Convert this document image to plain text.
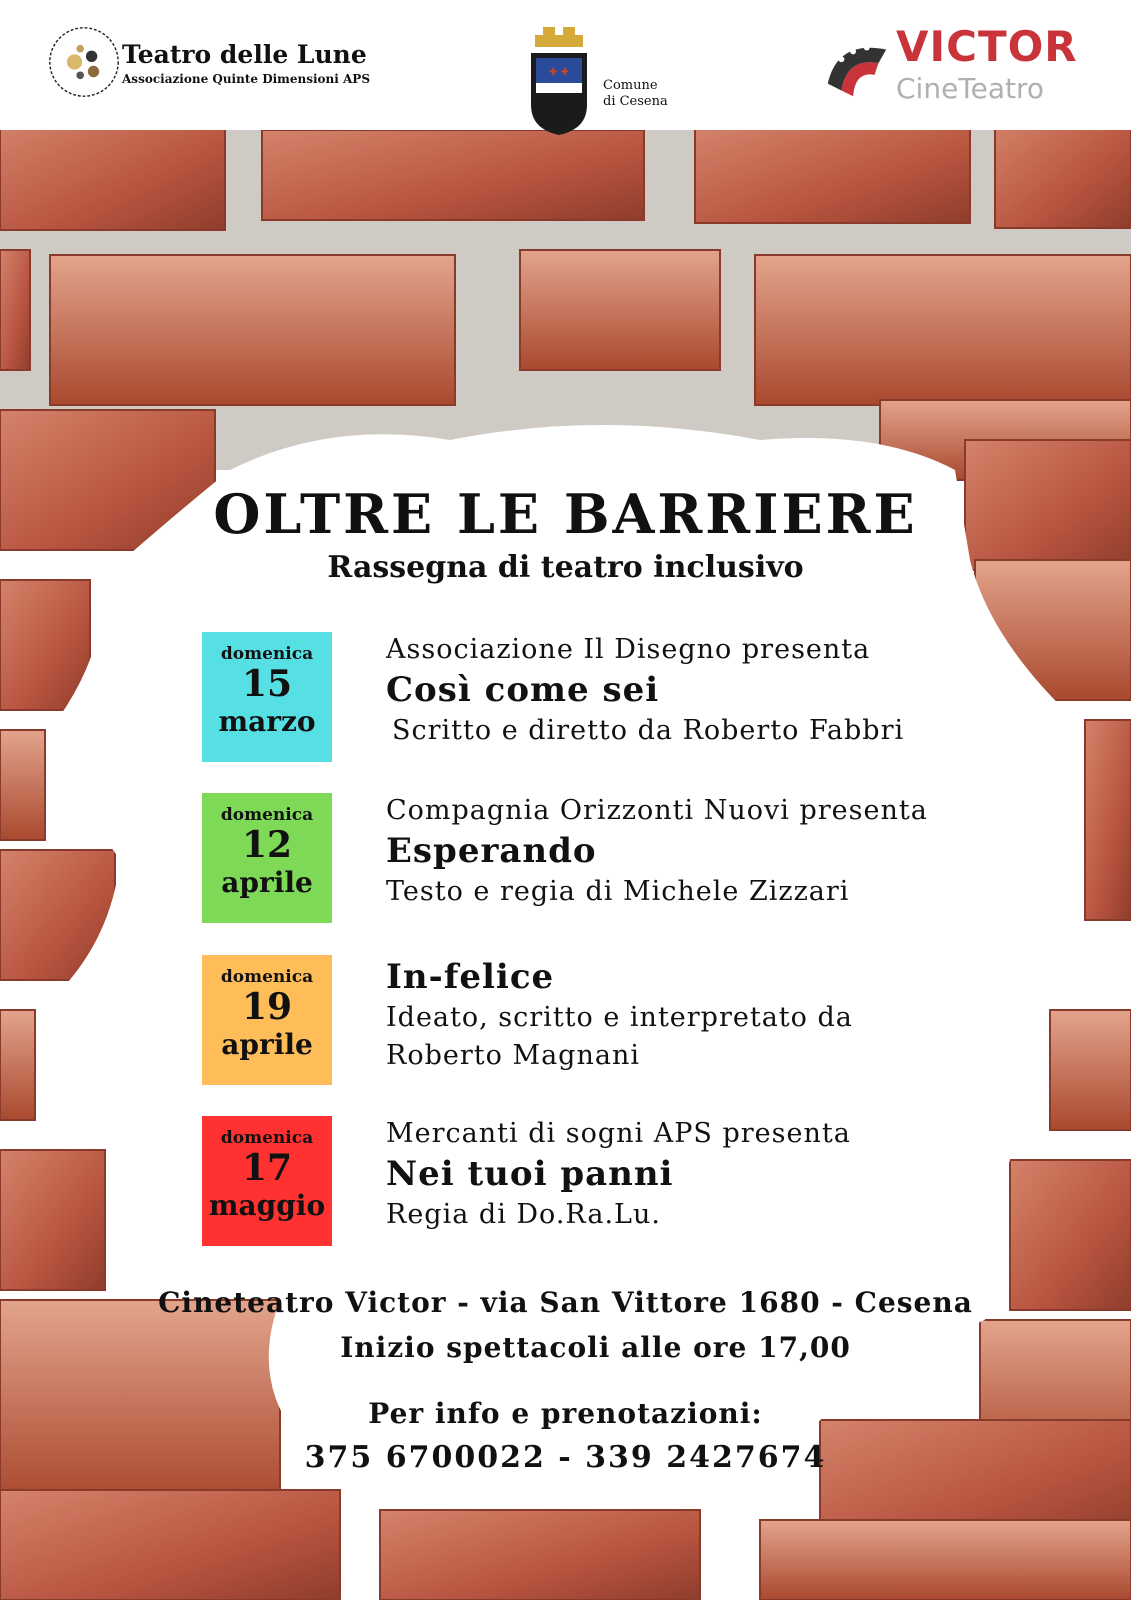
Teatro delle Lune
Associazione Quinte Dimensioni APS	✚ ✚
Comune
di Cesena
VICTOR
CineTeatro
OLTRE LE BARRIERE
Rassegna di teatro inclusivo
domenica
15
marzo
Associazione Il Disegno presenta
Così come sei
Scritto e diretto da Roberto Fabbri
domenica
12
aprile
Compagnia Orizzonti Nuovi presenta
Esperando
Testo e regia di Michele Zizzari
domenica
19
aprile
In-felice
Ideato, scritto e interpretato da
Roberto Magnani
domenica
17
maggio
Mercanti di sogni APS presenta
Nei tuoi panni
Regia di Do.Ra.Lu.
Cineteatro Victor - via San Vittore 1680 - Cesena
Inizio spettacoli alle ore 17,00
Per info e prenotazioni:
375 6700022 - 339 2427674
